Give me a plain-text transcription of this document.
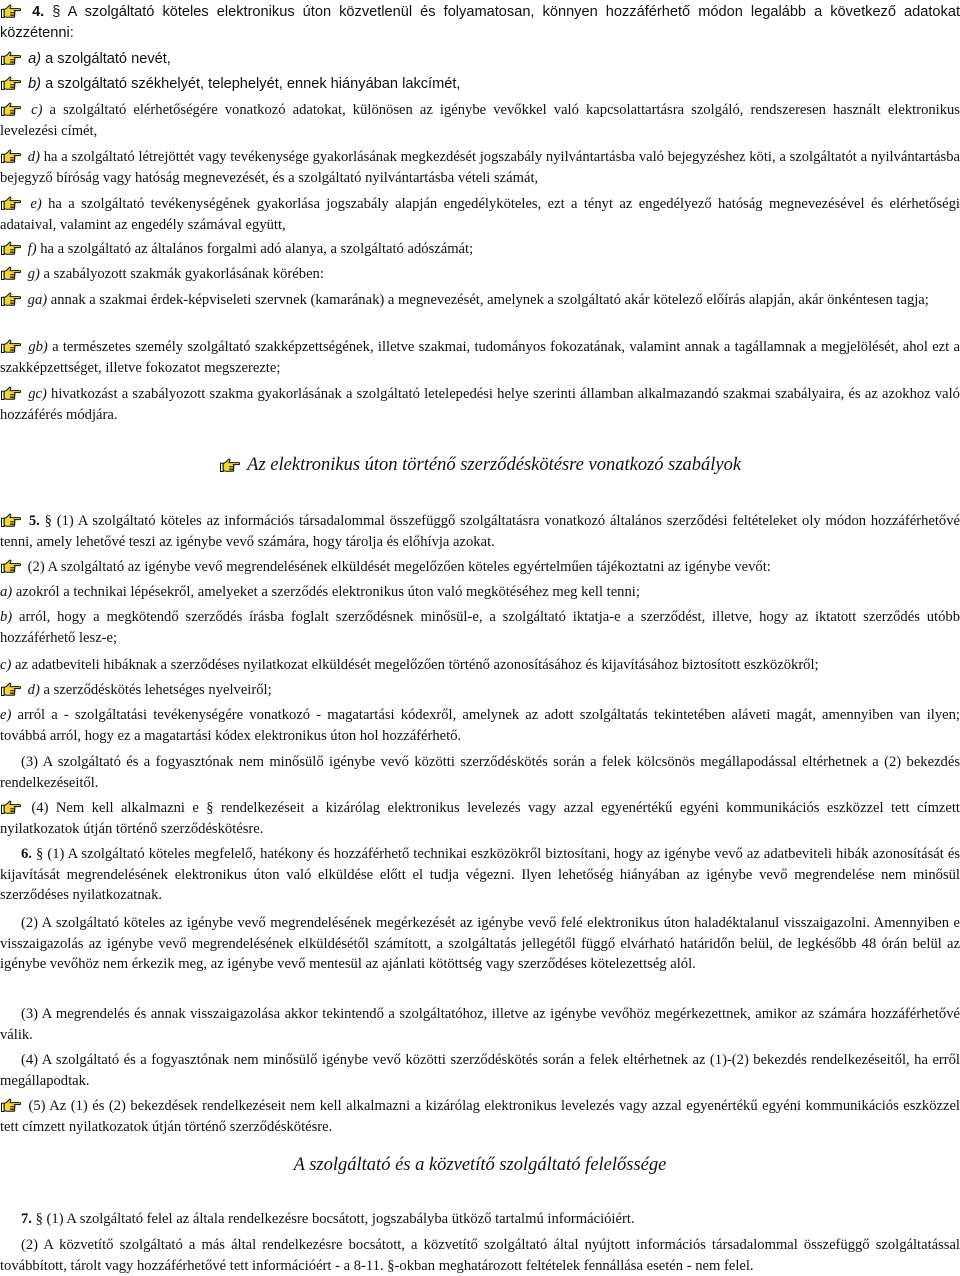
4. § A szolgáltató köteles elektronikus úton közvetlenül és folyamatosan, könnyen hozzáférhető módon legalább a következő adatokat közzétenni:
a) a szolgáltató nevét,
b) a szolgáltató székhelyét, telephelyét, ennek hiányában lakcímét,
c) a szolgáltató elérhetőségére vonatkozó adatokat, különösen az igénybe vevőkkel való kapcsolattartásra szolgáló, rendszeresen használt elektronikus levelezési címét,
d) ha a szolgáltató létrejöttét vagy tevékenysége gyakorlásának megkezdését jogszabály nyilvántartásba való bejegyzéshez köti, a szolgáltatót a nyilvántartásba bejegyző bíróság vagy hatóság megnevezését, és a szolgáltató nyilvántartásba vételi számát,
e) ha a szolgáltató tevékenységének gyakorlása jogszabály alapján engedélyköteles, ezt a tényt az engedélyező hatóság megnevezésével és elérhetőségi adataival, valamint az engedély számával együtt,
f) ha a szolgáltató az általános forgalmi adó alanya, a szolgáltató adószámát;
g) a szabályozott szakmák gyakorlásának körében:
ga) annak a szakmai érdek-képviseleti szervnek (kamarának) a megnevezését, amelynek a szolgáltató akár kötelező előírás alapján, akár önkéntesen tagja;
gb) a természetes személy szolgáltató szakképzettségének, illetve szakmai, tudományos fokozatának, valamint annak a tagállamnak a megjelölését, ahol ezt a szakképzettséget, illetve fokozatot megszerezte;
gc) hivatkozást a szabályozott szakma gyakorlásának a szolgáltató letelepedési helye szerinti államban alkalmazandó szakmai szabályaira, és az azokhoz való hozzáférés módjára.
5. § (1) A szolgáltató köteles az információs társadalommal összefüggő szolgáltatásra vonatkozó általános szerződési feltételeket oly módon hozzáférhetővé tenni, amely lehetővé teszi az igénybe vevő számára, hogy tárolja és előhívja azokat.
(2) A szolgáltató az igénybe vevő megrendelésének elküldését megelőzően köteles egyértelműen tájékoztatni az igénybe vevőt:
a) azokról a technikai lépésekről, amelyeket a szerződés elektronikus úton való megkötéséhez meg kell tenni;
b) arról, hogy a megkötendő szerződés írásba foglalt szerződésnek minősül-e, a szolgáltató iktatja-e a szerződést, illetve, hogy az iktatott szerződés utóbb hozzáférhető lesz-e;
c) az adatbeviteli hibáknak a szerződéses nyilatkozat elküldését megelőzően történő azonosításához és kijavításához biztosított eszközökről;
d) a szerződéskötés lehetséges nyelveiről;
e) arról a - szolgáltatási tevékenységére vonatkozó - magatartási kódexről, amelynek az adott szolgáltatás tekintetében aláveti magát, amennyiben van ilyen; továbbá arról, hogy ez a magatartási kódex elektronikus úton hol hozzáférhető.
(3) A szolgáltató és a fogyasztónak nem minősülő igénybe vevő közötti szerződéskötés során a felek kölcsönös megállapodással eltérhetnek a (2) bekezdés rendelkezéseitől.
(4) Nem kell alkalmazni e § rendelkezéseit a kizárólag elektronikus levelezés vagy azzal egyenértékű egyéni kommunikációs eszközzel tett címzett nyilatkozatok útján történő szerződéskötésre.
6. § (1) A szolgáltató köteles megfelelő, hatékony és hozzáférhető technikai eszközökről biztosítani, hogy az igénybe vevő az adatbeviteli hibák azonosítását és kijavítását megrendelésének elektronikus úton való elküldése előtt el tudja végezni. Ilyen lehetőség hiányában az igénybe vevő megrendelése nem minősül szerződéses nyilatkozatnak.
(2) A szolgáltató köteles az igénybe vevő megrendelésének megérkezését az igénybe vevő felé elektronikus úton haladéktalanul visszaigazolni. Amennyiben e visszaigazolás az igénybe vevő megrendelésének elküldésétől számított, a szolgáltatás jellegétől függő elvárható határidőn belül, de legkésőbb 48 órán belül az igénybe vevőhöz nem érkezik meg, az igénybe vevő mentesül az ajánlati kötöttség vagy szerződéses kötelezettség alól.
(3) A megrendelés és annak visszaigazolása akkor tekintendő a szolgáltatóhoz, illetve az igénybe vevőhöz megérkezettnek, amikor az számára hozzáférhetővé válik.
(4) A szolgáltató és a fogyasztónak nem minősülő igénybe vevő közötti szerződéskötés során a felek eltérhetnek az (1)-(2) bekezdés rendelkezéseitől, ha erről megállapodtak.
(5) Az (1) és (2) bekezdések rendelkezéseit nem kell alkalmazni a kizárólag elektronikus levelezés vagy azzal egyenértékű egyéni kommunikációs eszközzel tett címzett nyilatkozatok útján történő szerződéskötésre.
7. § (1) A szolgáltató felel az általa rendelkezésre bocsátott, jogszabályba ütköző tartalmú információiért.
(2) A közvetítő szolgáltató a más által rendelkezésre bocsátott, a közvetítő szolgáltató által nyújtott információs társadalommal összefüggő szolgáltatással továbbított, tárolt vagy hozzáférhetővé tett információért - a 8-11. §-okban meghatározott feltételek fennállása esetén - nem felel.
Az elektronikus úton történő szerződéskötésre vonatkozó szabályok
A szolgáltató és a közvetítő szolgáltató felelőssége
